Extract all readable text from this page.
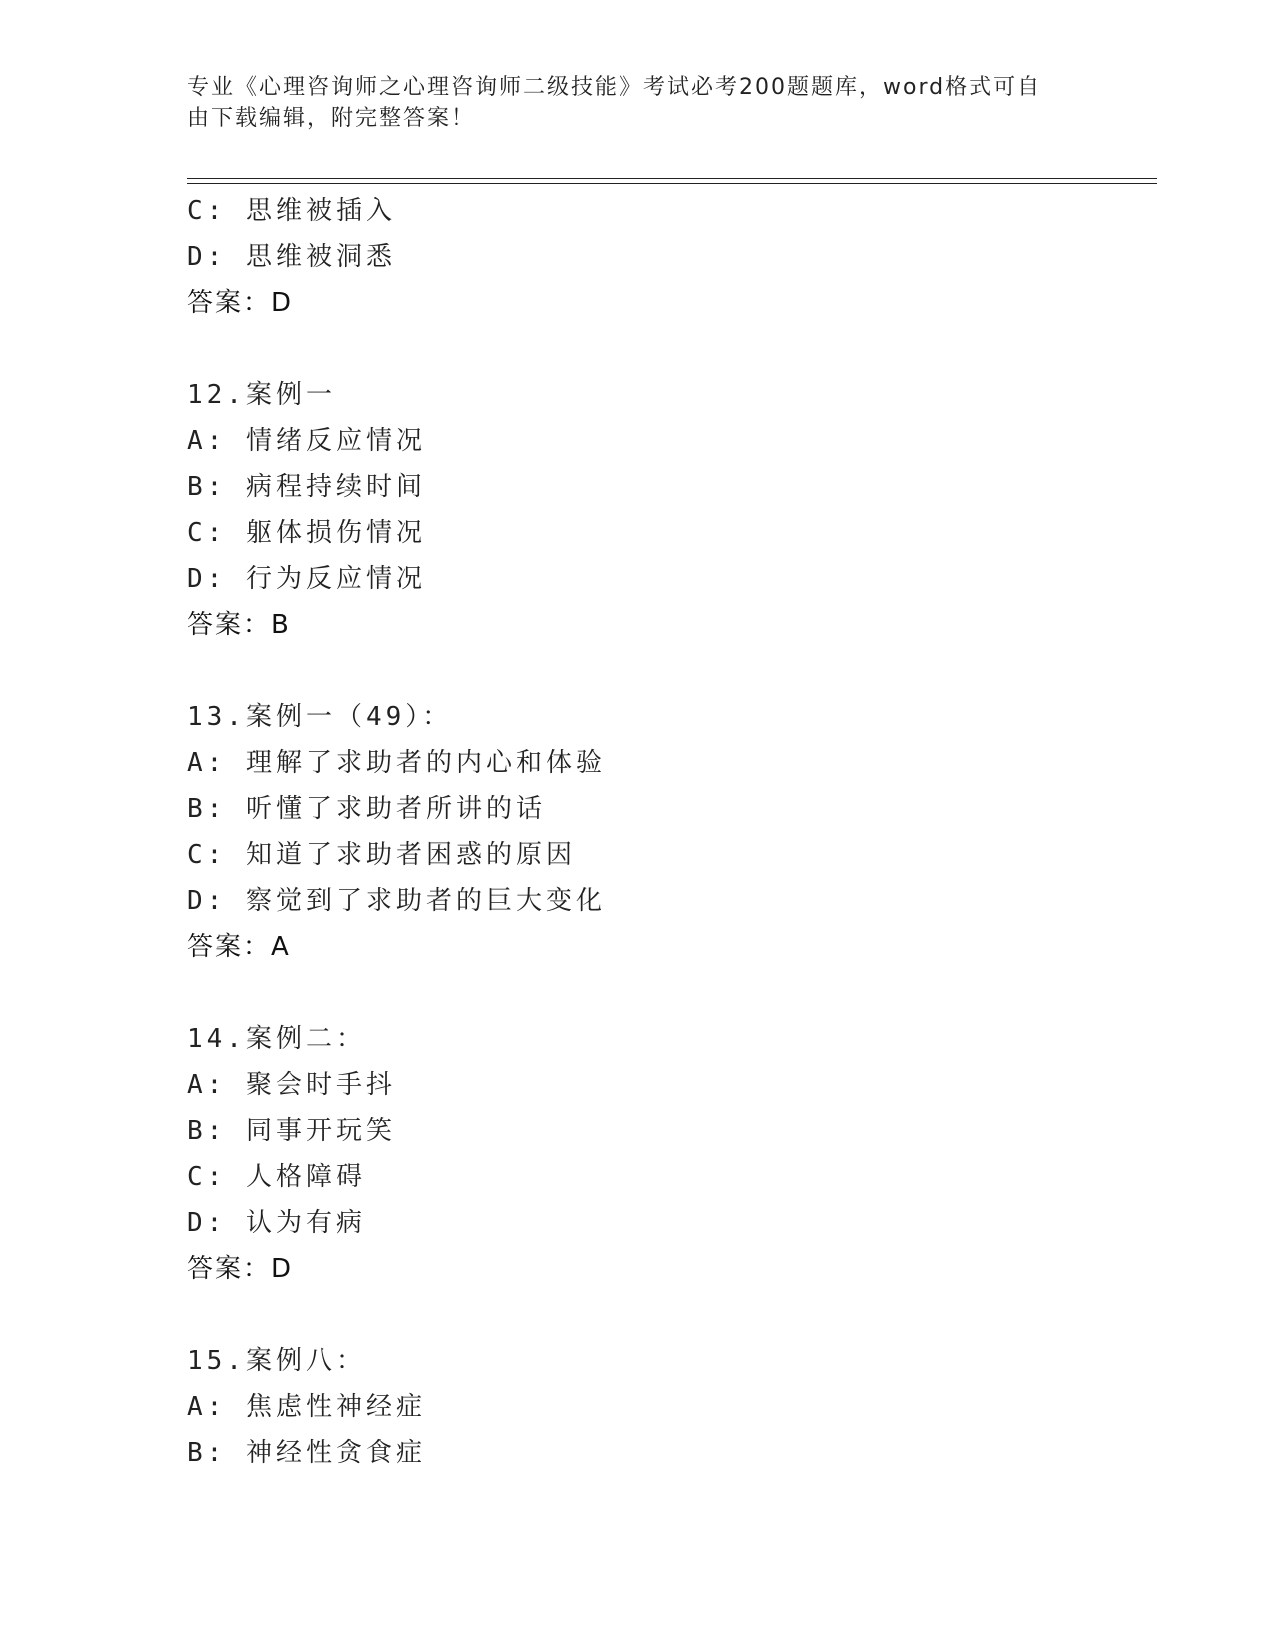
专业《心理咨询师之心理咨询师二级技能》考试必考200题题库，word格式可自
由下载编辑，附完整答案！
C: 思维被插入
D: 思维被洞悉
答案：D
12.案例一
A: 情绪反应情况
B: 病程持续时间
C: 躯体损伤情况
D: 行为反应情况
答案：B
13.案例一（49）：
A: 理解了求助者的内心和体验
B: 听懂了求助者所讲的话
C: 知道了求助者困惑的原因
D: 察觉到了求助者的巨大变化
答案：A
14.案例二：
A: 聚会时手抖
B: 同事开玩笑
C: 人格障碍
D: 认为有病
答案：D
15.案例八：
A: 焦虑性神经症
B: 神经性贪食症
